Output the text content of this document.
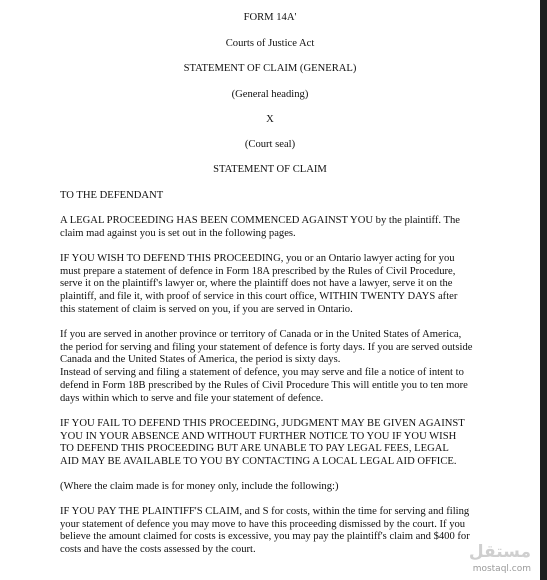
FORM 14A'
Courts of Justice Act
STATEMENT OF CLAIM (GENERAL)
(General heading)
X
(Court seal)
STATEMENT OF CLAIM
TO THE DEFENDANT
A LEGAL PROCEEDING HAS BEEN COMMENCED AGAINST YOU by the plaintiff. The
claim mad against you is set out in the following pages.
IF YOU WISH TO DEFEND THIS PROCEEDING, you or an Ontario lawyer acting for you
must prepare a statement of defence in Form 18A prescribed by the Rules of Civil Procedure,
serve it on the plaintiff's lawyer or, where the plaintiff does not have a lawyer, serve it on the
plaintiff, and file it, with proof of service in this court office, WITHIN TWENTY DAYS after
this statement of claim is served on you, if you are served in Ontario.
If you are served in another province or territory of Canada or in the United States of America,
the period for serving and filing your statement of defence is forty days. If you are served outside
Canada and the United States of America, the period is sixty days.
Instead of serving and filing a statement of defence, you may serve and file a notice of intent to
defend in Form 18B prescribed by the Rules of Civil Procedure This will entitle you to ten more
days within which to serve and file your statement of defence.
IF YOU FAIL TO DEFEND THIS PROCEEDING, JUDGMENT MAY BE GIVEN AGAINST
YOU IN YOUR ABSENCE AND WITHOUT FURTHER NOTICE TO YOU IF YOU WISH
TO DEFEND THIS PROCEEDING BUT ARE UNABLE TO PAY LEGAL FEES, LEGAL
AID MAY BE AVAILABLE TO YOU BY CONTACTING A LOCAL LEGAL AID OFFICE.
(Where the claim made is for money only, include the following:)
IF YOU PAY THE PLAINTIFF'S CLAIM, and S for costs, within the time for serving and filing
your statement of defence you may move to have this proceeding dismissed by the court. If you
believe the amount claimed for costs is excessive, you may pay the plaintiff's claim and $400 for
costs and have the costs assessed by the court.	مستقل
mostaql.com
